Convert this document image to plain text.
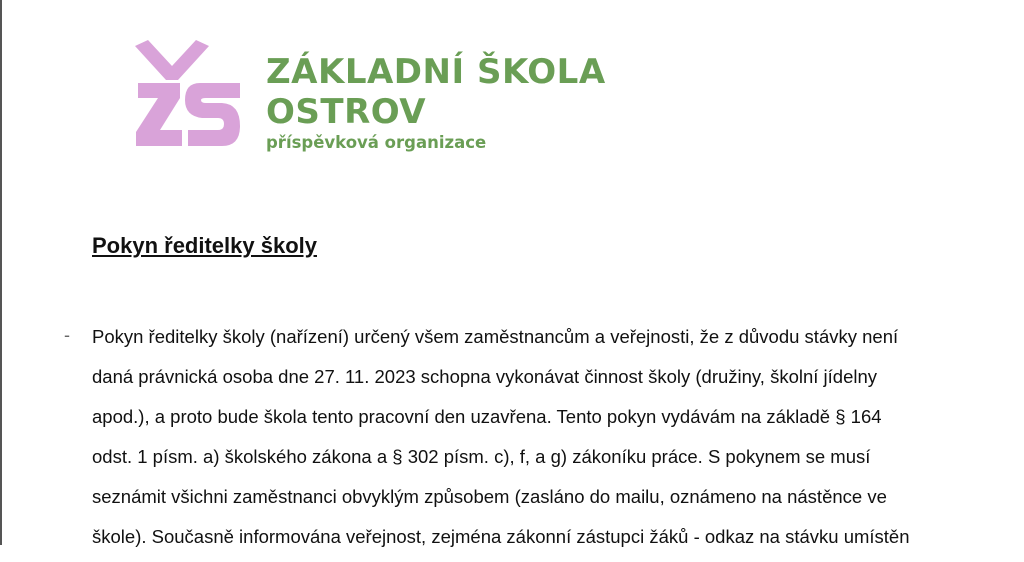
ZÁKLADNÍ ŠKOLA
OSTROV
příspěvková organizace
Pokyn ředitelky školy
- Pokyn ředitelky školy (nařízení) určený všem zaměstnancům a veřejnosti, že z důvodu stávky není
daná právnická osoba dne 27. 11. 2023 schopna vykonávat činnost školy (družiny, školní jídelny
apod.), a proto bude škola tento pracovní den uzavřena. Tento pokyn vydávám na základě § 164
odst. 1 písm. a) školského zákona a § 302 písm. c), f, a g) zákoníku práce. S pokynem se musí
seznámit všichni zaměstnanci obvyklým způsobem (zasláno do mailu, oznámeno na nástěnce ve
škole). Současně informována veřejnost, zejména zákonní zástupci žáků - odkaz na stávku umístěn
